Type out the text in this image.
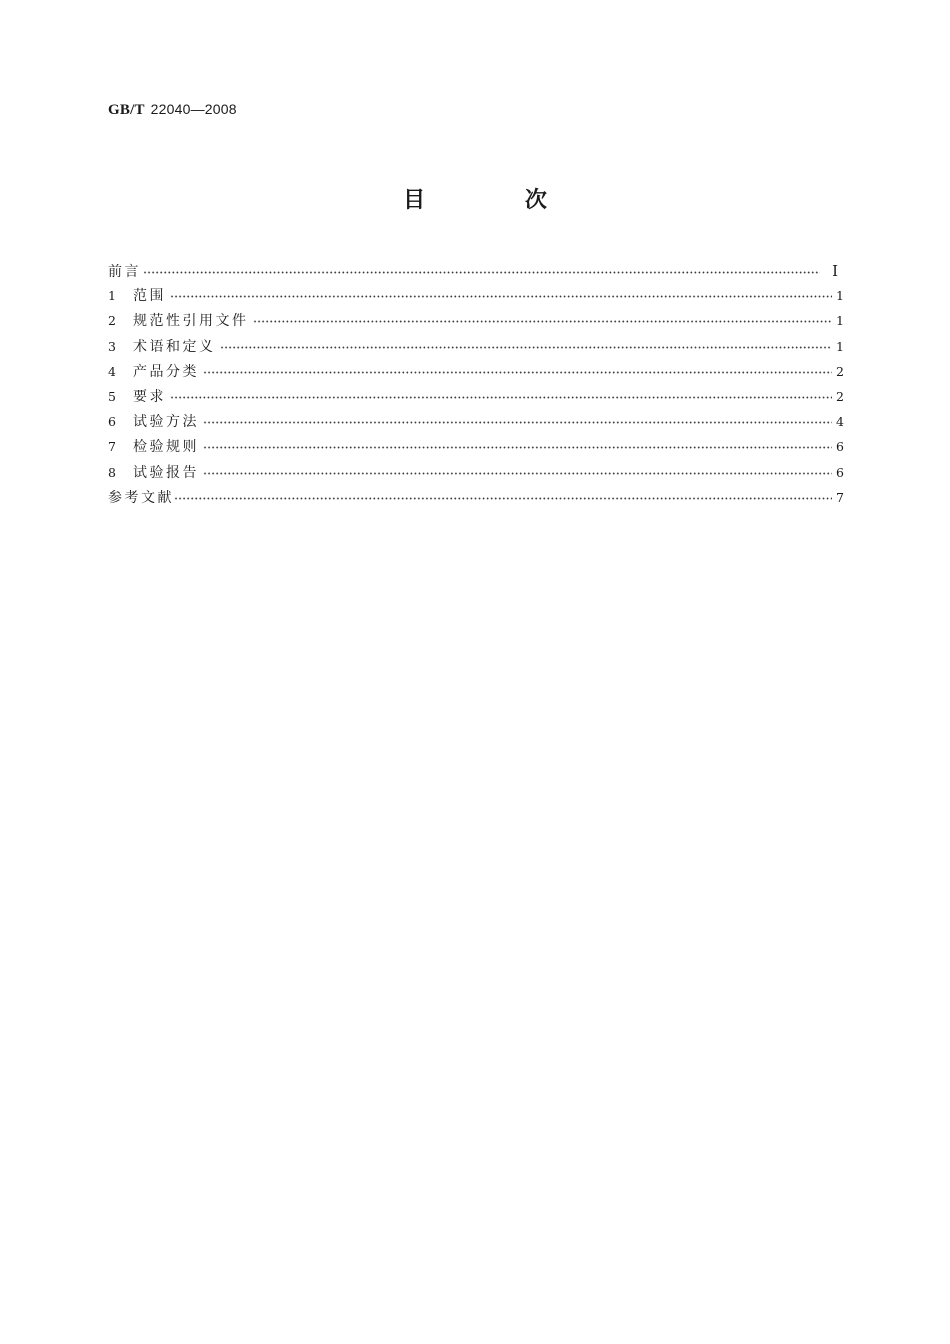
GB/T 22040—2008
目 次
前言	Ⅰ
1	范围	1
2	规范性引用文件	1
3	术语和定义	1
4	产品分类	2
5	要求	2
6	试验方法	4
7	检验规则	6
8	试验报告	6
参考文献	7
